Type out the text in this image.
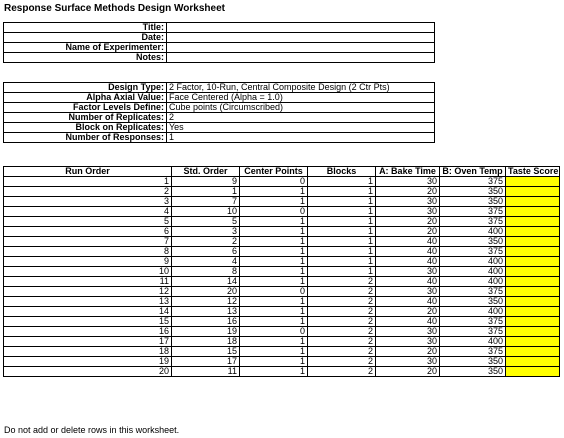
Response Surface Methods Design Worksheet
Title:	
Date:	
Name of Experimenter:	
Notes:	
Design Type:	2 Factor, 10-Run, Central Composite Design (2 Ctr Pts)
Alpha Axial Value:	Face Centered (Alpha = 1.0)
Factor Levels Define:	Cube points (Circumscribed)
Number of Replicates:	2
Block on Replicates:	Yes
Number of Responses:	1
Run Order	Std. Order	Center Points	Blocks	A: Bake Time	B: Oven Temp	Taste Score
1	9	0	1	30	375	
2	1	1	1	20	350	
3	7	1	1	30	350	
4	10	0	1	30	375	
5	5	1	1	20	375	
6	3	1	1	20	400	
7	2	1	1	40	350	
8	6	1	1	40	375	
9	4	1	1	40	400	
10	8	1	1	30	400	
11	14	1	2	40	400	
12	20	0	2	30	375	
13	12	1	2	40	350	
14	13	1	2	20	400	
15	16	1	2	40	375	
16	19	0	2	30	375	
17	18	1	2	30	400	
18	15	1	2	20	375	
19	17	1	2	30	350	
20	11	1	2	20	350	
Do not add or delete rows in this worksheet.
